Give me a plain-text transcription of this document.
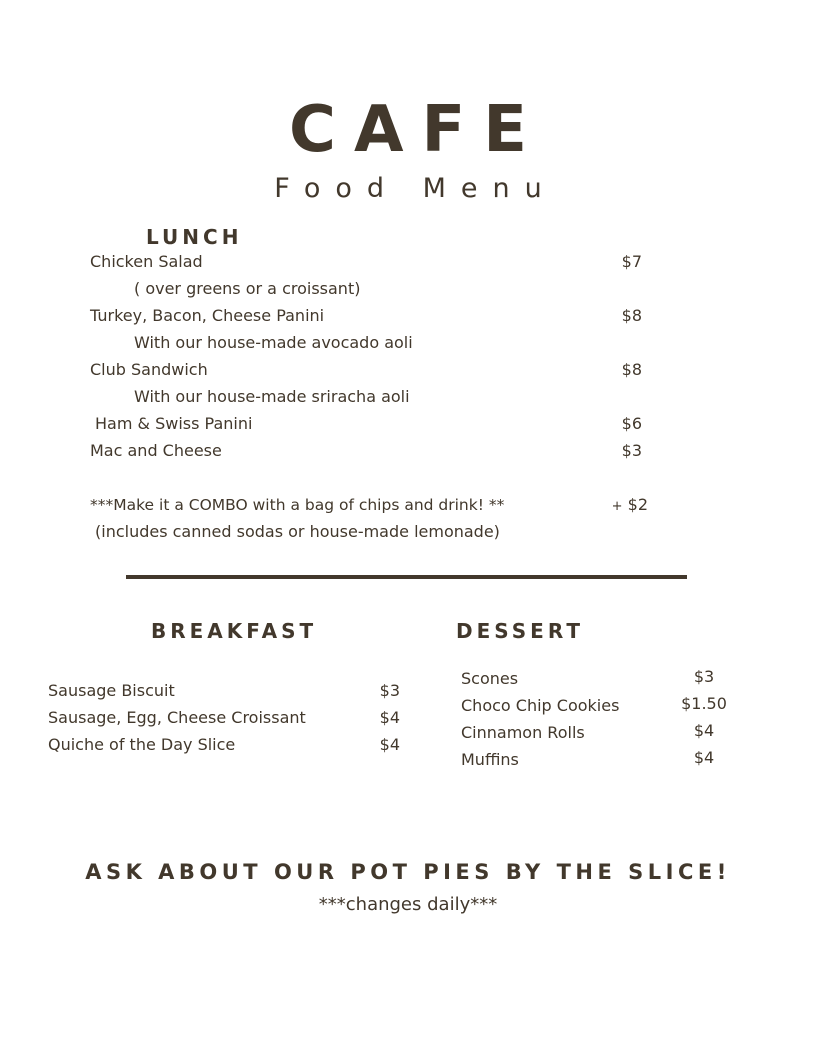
CAFE
Food Menu
LUNCH
Chicken Salad	$7
( over greens or a croissant)
Turkey, Bacon, Cheese Panini	$8
With our house-made avocado aoli
Club Sandwich	$8
With our house-made sriracha aoli
Ham & Swiss Panini	$6
Mac and Cheese	$3
***Make it a COMBO with a bag of chips and drink! **	+ $2
(includes canned sodas or house-made lemonade)
BREAKFAST
Sausage Biscuit	$3
Sausage, Egg, Cheese Croissant	$4
Quiche of the Day Slice	$4
DESSERT
Scones	$3
Choco Chip Cookies	$1.50
Cinnamon Rolls	$4
Muffins	$4
ASK ABOUT OUR POT PIES BY THE SLICE!
***changes daily***
